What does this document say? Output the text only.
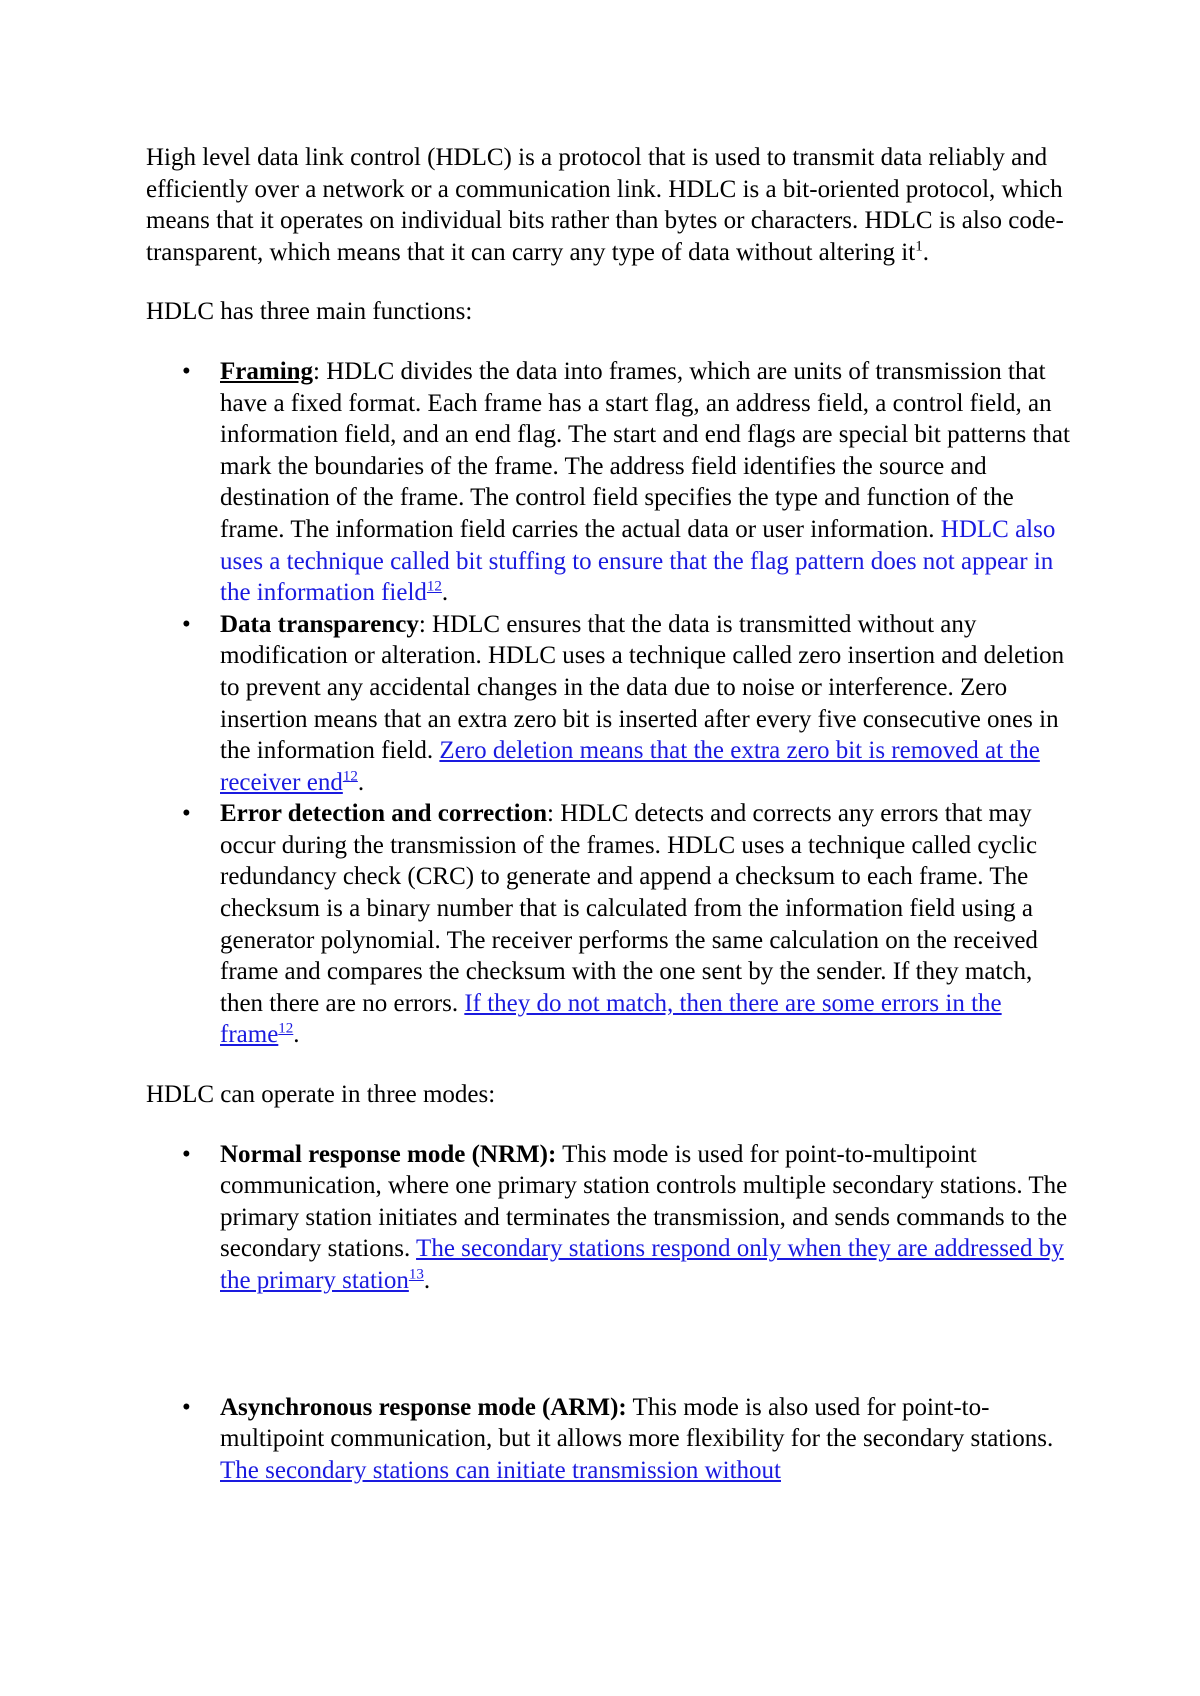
High level data link control (HDLC) is a protocol that is used to transmit data reliably and efficiently over a network or a communication link. HDLC is a bit-oriented protocol, which means that it operates on individual bits rather than bytes or characters. HDLC is also code-transparent, which means that it can carry any type of data without altering $it^1$.

HDLC has three main functions:

• Framing: HDLC divides the data into frames, which are units of transmission that have a fixed format. Each frame has a start flag, an address field, a control field, an information field, and an end flag. The start and end flags are special bit patterns that mark the boundaries of the frame. The address field identifies the source and destination of the frame. The control field specifies the type and function of the frame. The information field carries the actual data or user information. HDLC also uses a technique called bit stuffing to ensure that the flag pattern does not appear in the information field$^{12}$.
• Data transparency: HDLC ensures that the data is transmitted without any modification or alteration. HDLC uses a technique called zero insertion and deletion to prevent any accidental changes in the data due to noise or interference. Zero insertion means that an extra zero bit is inserted after every five consecutive ones in the information field. Zero deletion means that the extra zero bit is removed at the receiver end$^{12}$.
• Error detection and correction: HDLC detects and corrects any errors that may occur during the transmission of the frames. HDLC uses a technique called cyclic redundancy check (CRC) to generate and append a checksum to each frame. The checksum is a binary number that is calculated from the information field using a generator polynomial. The receiver performs the same calculation on the received frame and compares the checksum with the one sent by the sender. If they match, then there are no errors. If they do not match, then there are some errors in the frame$^{12}$.

HDLC can operate in three modes:

• Normal response mode (NRM): This mode is used for point-to-multipoint communication, where one primary station controls multiple secondary stations. The primary station initiates and terminates the transmission, and sends commands to the secondary stations. The secondary stations respond only when they are addressed by the primary station$^{13}$.
• Asynchronous response mode (ARM): This mode is also used for point-to-multipoint communication, but it allows more flexibility for the secondary stations. The secondary stations can initiate transmission without
